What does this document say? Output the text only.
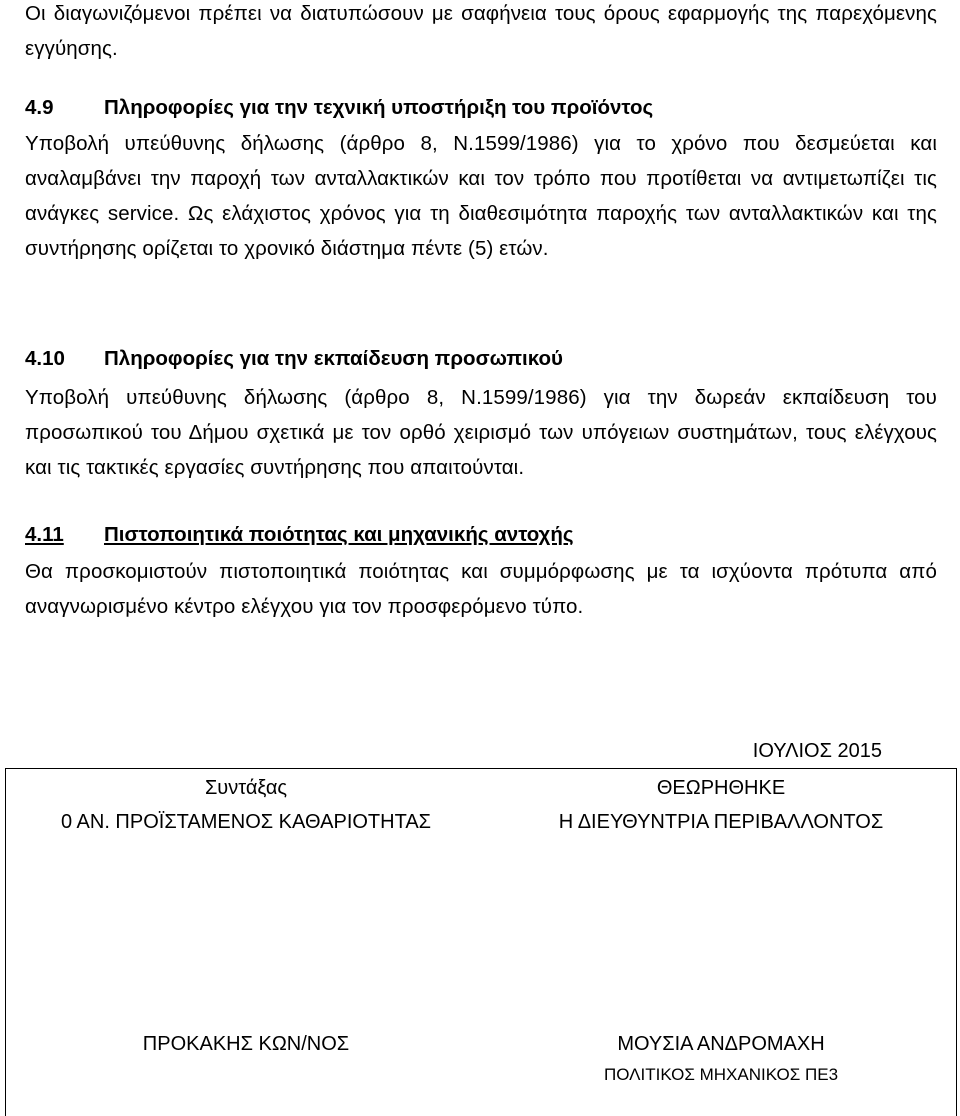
Οι διαγωνιζόμενοι πρέπει να διατυπώσουν με σαφήνεια τους όρους εφαρμογής της παρεχόμενης εγγύησης.

4.9 Πληροφορίες για την τεχνική υποστήριξη του προϊόντος

Υποβολή υπεύθυνης δήλωσης (άρθρο 8, Ν.1599/1986) για το χρόνο που δεσμεύεται και αναλαμβάνει την παροχή των ανταλλακτικών και τον τρόπο που προτίθεται να αντιμετωπίζει τις ανάγκες service. Ως ελάχιστος χρόνος για τη διαθεσιμότητα παροχής των ανταλλακτικών και της συντήρησης ορίζεται το χρονικό διάστημα πέντε (5) ετών.

4.10 Πληροφορίες για την εκπαίδευση προσωπικού

Υποβολή υπεύθυνης δήλωσης (άρθρο 8, Ν.1599/1986) για την δωρεάν εκπαίδευση του προσωπικού του Δήμου σχετικά με τον ορθό χειρισμό των υπόγειων συστημάτων, τους ελέγχους και τις τακτικές εργασίες συντήρησης που απαιτούνται.

4.11 Πιστοποιητικά ποιότητας και μηχανικής αντοχής

Θα προσκομιστούν πιστοποιητικά ποιότητας και συμμόρφωσης με τα ισχύοντα πρότυπα από αναγνωρισμένο κέντρο ελέγχου για τον προσφερόμενο τύπο.

ΙΟΥΛΙΟΣ 2015
Συντάξας
0 ΑΝ. ΠΡΟΪΣΤΑΜΕΝΟΣ ΚΑΘΑΡΙΟΤΗΤΑΣ
ΠΡΟΚΑΚΗΣ ΚΩΝ/ΝΟΣ
ΘΕΩΡΗΘΗΚΕ
Η ΔΙΕΥΘΥΝΤΡΙΑ ΠΕΡΙΒΑΛΛΟΝΤΟΣ
ΜΟΥΣΙΑ ΑΝΔΡΟΜΑΧΗ
ΠΟΛΙΤΙΚΟΣ ΜΗΧΑΝΙΚΟΣ ΠΕ3
